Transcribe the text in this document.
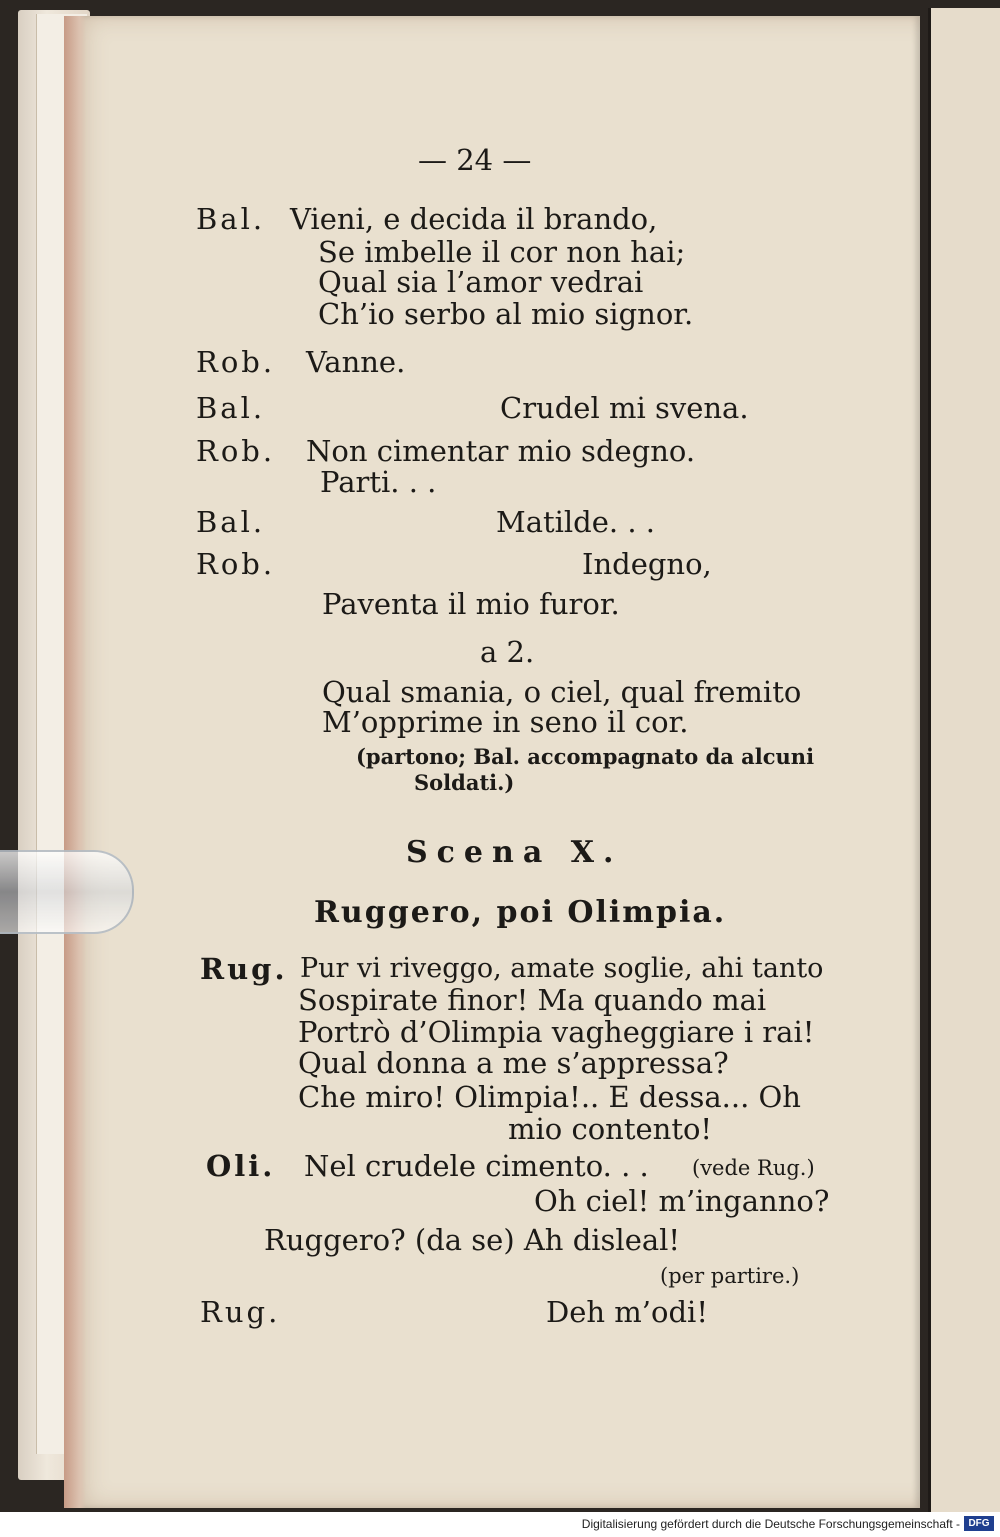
— 24 —
Bal. Vieni, e decida il brando,
Se imbelle il cor non hai;
Qual sia l’amor vedrai
Ch’io serbo al mio signor.
Rob. Vanne.
Bal.	Crudel mi svena.
Rob. Non cimentar mio sdegno.
Parti. . .
Bal.	Matilde. . .
Rob.	Indegno,
Paventa il mio furor.
a 2.
Qual smania, o ciel, qual fremito
M’opprime in seno il cor.
(partono; Bal. accompagnato da alcuni
Soldati.)
Scena X.
Ruggero, poi Olimpia.
Rug. Pur vi riveggo, amate soglie, ahi tanto
Sospirate finor! Ma quando mai
Portrò d’Olimpia vagheggiare i rai!
Qual donna a me s’appressa?
Che miro! Olimpia!.. E dessa... Oh
mio contento!
Oli. Nel crudele cimento. . . (vede Rug.)
Oh ciel! m’inganno?
Ruggero? (da se) Ah disleal!
(per partire.)
Rug.	Deh m’odi!
Digitalisierung gefördert durch die Deutsche Forschungsgemeinschaft - DFG
